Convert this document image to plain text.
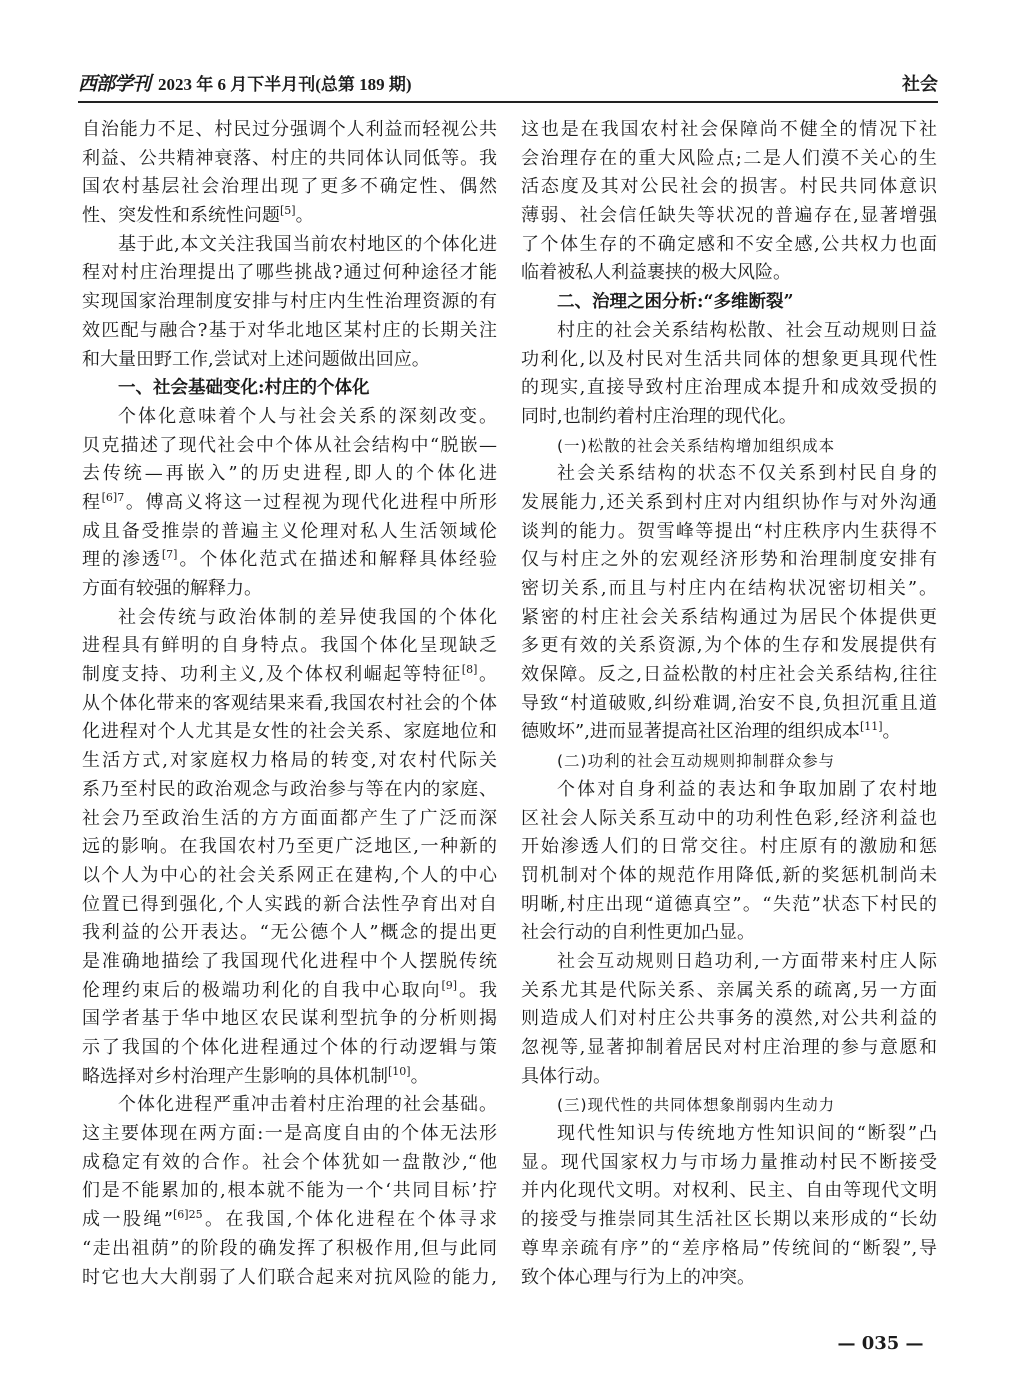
西部学刊 2023 年 6 月下半月刊(总第 189 期)	社会
自治能力不足、村民过分强调个人利益而轻视公共
利益、公共精神衰落、村庄的共同体认同低等。我
国农村基层社会治理出现了更多不确定性、偶然
性、突发性和系统性问题[5]。
基于此,本文关注我国当前农村地区的个体化进
程对村庄治理提出了哪些挑战?通过何种途径才能
实现国家治理制度安排与村庄内生性治理资源的有
效匹配与融合?基于对华北地区某村庄的长期关注
和大量田野工作,尝试对上述问题做出回应。
一、社会基础变化:村庄的个体化
个体化意味着个人与社会关系的深刻改变。
贝克描述了现代社会中个体从社会结构中“脱嵌—
去传统—再嵌入”的历史进程,即人的个体化进
程$^{[6]7}$。傅高义将这一过程视为现代化进程中所形
成且备受推崇的普遍主义伦理对私人生活领域伦
理的渗透[7]。个体化范式在描述和解释具体经验
方面有较强的解释力。
社会传统与政治体制的差异使我国的个体化
进程具有鲜明的自身特点。我国个体化呈现缺乏
制度支持、功利主义,及个体权利崛起等特征[8]。
从个体化带来的客观结果来看,我国农村社会的个体
化进程对个人尤其是女性的社会关系、家庭地位和
生活方式,对家庭权力格局的转变,对农村代际关
系乃至村民的政治观念与政治参与等在内的家庭、
社会乃至政治生活的方方面面都产生了广泛而深
远的影响。在我国农村乃至更广泛地区,一种新的
以个人为中心的社会关系网正在建构,个人的中心
位置已得到强化,个人实践的新合法性孕育出对自
我利益的公开表达。“无公德个人”概念的提出更
是准确地描绘了我国现代化进程中个人摆脱传统
伦理约束后的极端功利化的自我中心取向[9]。我
国学者基于华中地区农民谋利型抗争的分析则揭
示了我国的个体化进程通过个体的行动逻辑与策
略选择对乡村治理产生影响的具体机制[10]。
个体化进程严重冲击着村庄治理的社会基础。
这主要体现在两方面:一是高度自由的个体无法形
成稳定有效的合作。社会个体犹如一盘散沙,“他
们是不能累加的,根本就不能为一个‘共同目标’拧
成一股绳”$^{[6]25}$。在我国,个体化进程在个体寻求
“走出祖荫”的阶段的确发挥了积极作用,但与此同
时它也大大削弱了人们联合起来对抗风险的能力,
这也是在我国农村社会保障尚不健全的情况下社
会治理存在的重大风险点;二是人们漠不关心的生
活态度及其对公民社会的损害。村民共同体意识
薄弱、社会信任缺失等状况的普遍存在,显著增强
了个体生存的不确定感和不安全感,公共权力也面
临着被私人利益裹挟的极大风险。
二、治理之困分析:“多维断裂”
村庄的社会关系结构松散、社会互动规则日益
功利化,以及村民对生活共同体的想象更具现代性
的现实,直接导致村庄治理成本提升和成效受损的
同时,也制约着村庄治理的现代化。
(一)松散的社会关系结构增加组织成本
社会关系结构的状态不仅关系到村民自身的
发展能力,还关系到村庄对内组织协作与对外沟通
谈判的能力。贺雪峰等提出“村庄秩序内生获得不
仅与村庄之外的宏观经济形势和治理制度安排有
密切关系,而且与村庄内在结构状况密切相关”。
紧密的村庄社会关系结构通过为居民个体提供更
多更有效的关系资源,为个体的生存和发展提供有
效保障。反之,日益松散的村庄社会关系结构,往往
导致“村道破败,纠纷难调,治安不良,负担沉重且道
德败坏”,进而显著提高社区治理的组织成本[11]。
(二)功利的社会互动规则抑制群众参与
个体对自身利益的表达和争取加剧了农村地
区社会人际关系互动中的功利性色彩,经济利益也
开始渗透人们的日常交往。村庄原有的激励和惩
罚机制对个体的规范作用降低,新的奖惩机制尚未
明晰,村庄出现“道德真空”。“失范”状态下村民的
社会行动的自利性更加凸显。
社会互动规则日趋功利,一方面带来村庄人际
关系尤其是代际关系、亲属关系的疏离,另一方面
则造成人们对村庄公共事务的漠然,对公共利益的
忽视等,显著抑制着居民对村庄治理的参与意愿和
具体行动。
(三)现代性的共同体想象削弱内生动力
现代性知识与传统地方性知识间的“断裂”凸
显。现代国家权力与市场力量推动村民不断接受
并内化现代文明。对权利、民主、自由等现代文明
的接受与推崇同其生活社区长期以来形成的“长幼
尊卑亲疏有序”的“差序格局”传统间的“断裂”,导
致个体心理与行为上的冲突。
— 035 —
